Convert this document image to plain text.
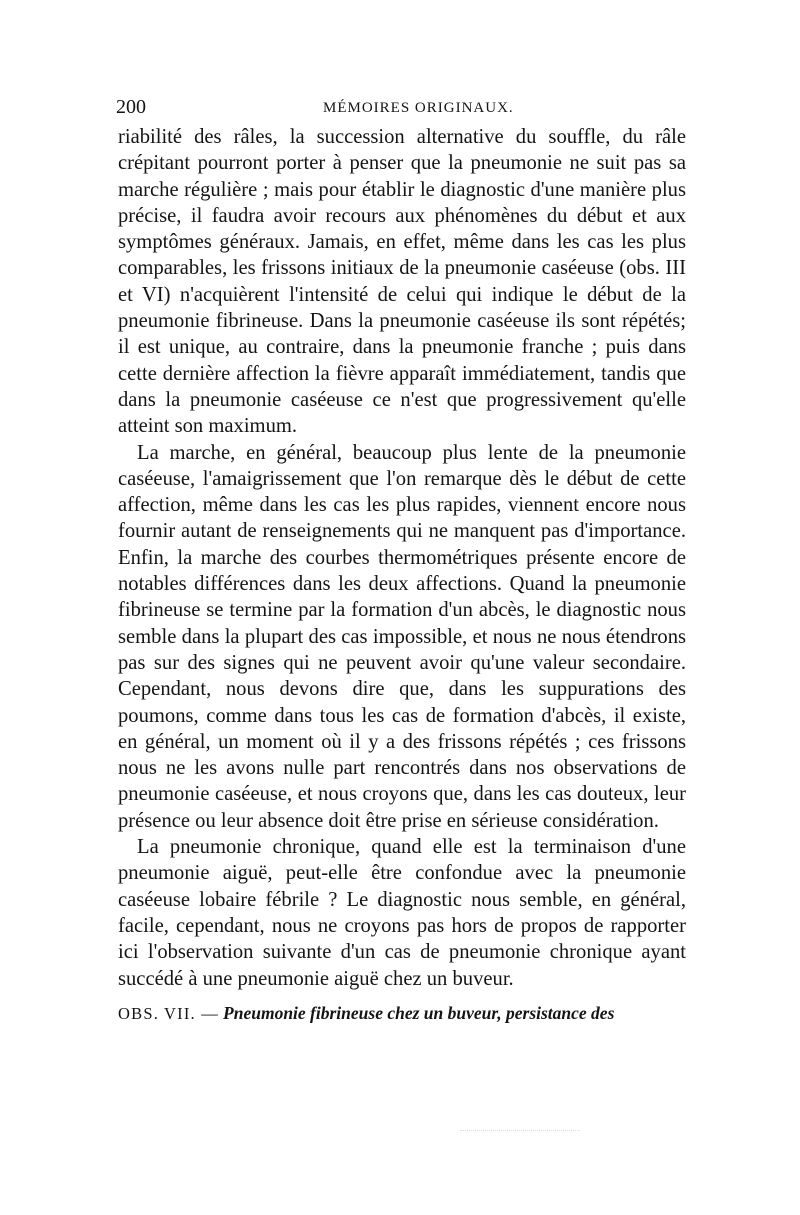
200	MÉMOIRES ORIGINAUX.

riabilité des râles, la succession alternative du souffle, du râle crépitant pourront porter à penser que la pneumonie ne suit pas sa marche régulière ; mais pour établir le diagnostic d'une manière plus précise, il faudra avoir recours aux phénomènes du début et aux symptômes généraux. Jamais, en effet, même dans les cas les plus comparables, les frissons initiaux de la pneumonie caséeuse (obs. III et VI) n'acquièrent l'intensité de celui qui indique le début de la pneumonie fibrineuse. Dans la pneumonie caséeuse ils sont répétés; il est unique, au contraire, dans la pneumonie franche ; puis dans cette dernière affection la fièvre apparaît immédiatement, tandis que dans la pneumonie caséeuse ce n'est que progressivement qu'elle atteint son maximum.

La marche, en général, beaucoup plus lente de la pneumonie caséeuse, l'amaigrissement que l'on remarque dès le début de cette affection, même dans les cas les plus rapides, viennent encore nous fournir autant de renseignements qui ne manquent pas d'importance. Enfin, la marche des courbes thermométriques présente encore de notables différences dans les deux affections. Quand la pneumonie fibrineuse se termine par la formation d'un abcès, le diagnostic nous semble dans la plupart des cas impossible, et nous ne nous étendrons pas sur des signes qui ne peuvent avoir qu'une valeur secondaire. Cependant, nous devons dire que, dans les suppurations des poumons, comme dans tous les cas de formation d'abcès, il existe, en général, un moment où il y a des frissons répétés ; ces frissons nous ne les avons nulle part rencontrés dans nos observations de pneumonie caséeuse, et nous croyons que, dans les cas douteux, leur présence ou leur absence doit être prise en sérieuse considération.

La pneumonie chronique, quand elle est la terminaison d'une pneumonie aiguë, peut-elle être confondue avec la pneumonie caséeuse lobaire fébrile ? Le diagnostic nous semble, en général, facile, cependant, nous ne croyons pas hors de propos de rapporter ici l'observation suivante d'un cas de pneumonie chronique ayant succédé à une pneumonie aiguë chez un buveur.

OBS. VII. — Pneumonie fibrineuse chez un buveur, persistance des
